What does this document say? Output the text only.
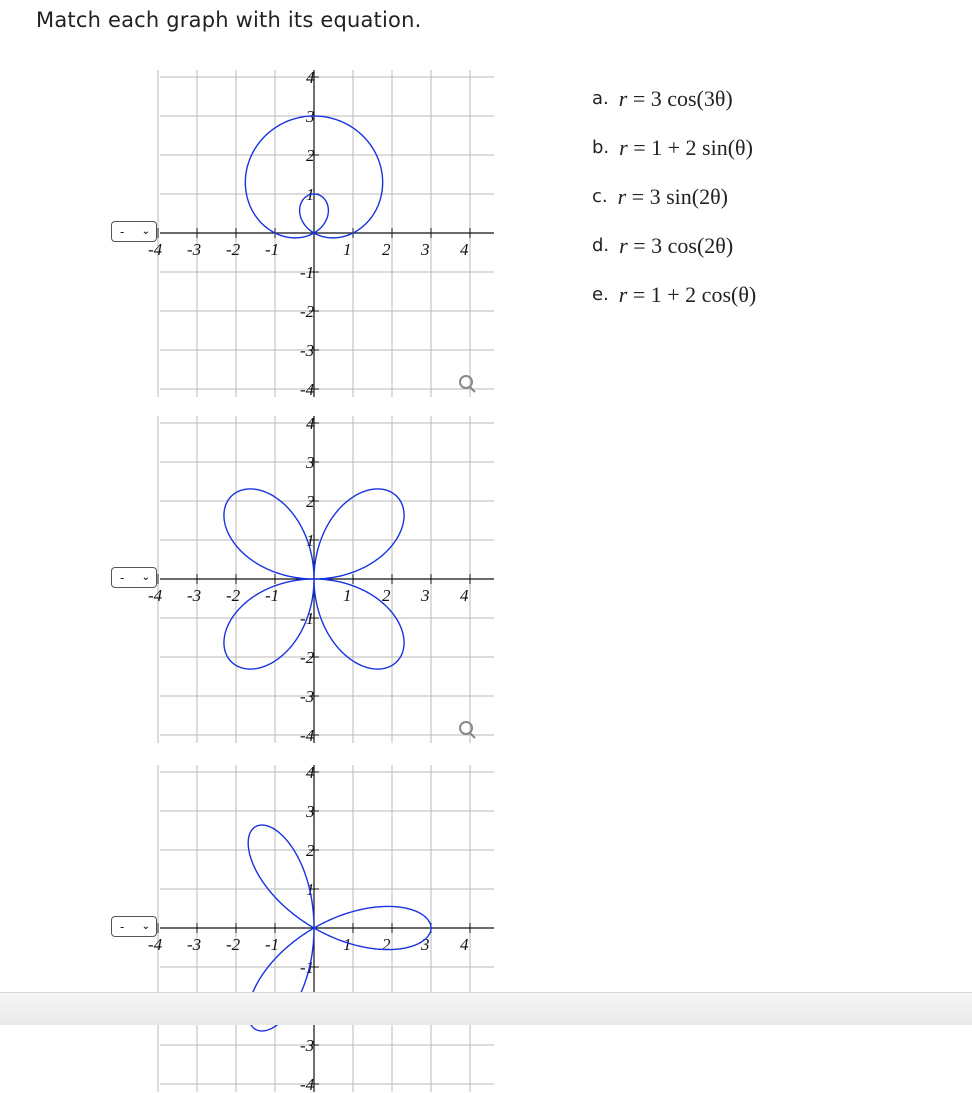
Match each graph with its equation.
- ⌄
-4 -3 -2 -1	1 2 3 4
4
3
2
1
-1
-2
-3
-4
- ⌄
-4 -3 -2 -1	1 2 3 4
4
3
2
1
-1
-2
-3
-4
- ⌄
-4 -3 -2 -1	1 2 3 4
4
3
2
1
-1
-3
-4
a. r = 3 cos(3θ)
b. r = 1 + 2 sin(θ)
c. r = 3 sin(2θ)
d. r = 3 cos(2θ)
e. r = 1 + 2 cos(θ)
